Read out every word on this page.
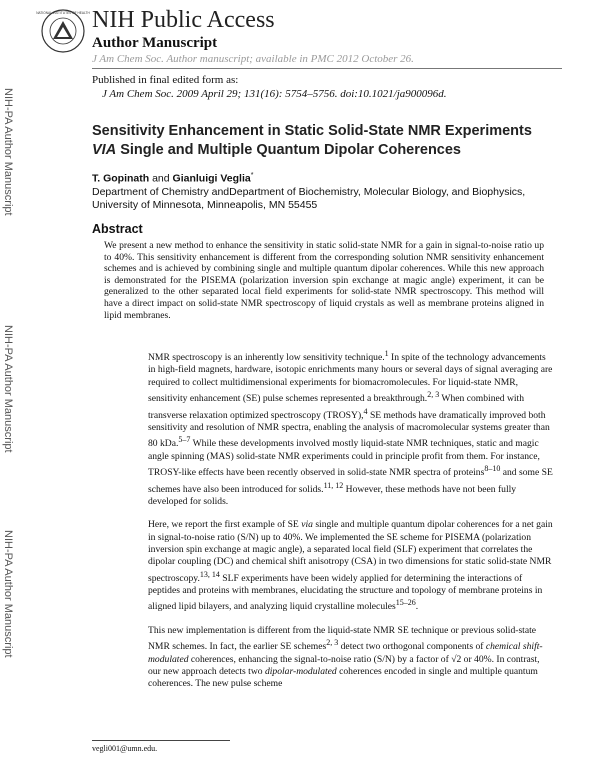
NATIONAL INSTITUTES OF HEALTH NIH Public Access
Author Manuscript
J Am Chem Soc. Author manuscript; available in PMC 2012 October 26.
Published in final edited form as:
J Am Chem Soc. 2009 April 29; 131(16): 5754–5756. doi:10.1021/ja900096d.
NIH-PA Author Manuscript
NIH-PA Author Manuscript
NIH-PA Author Manuscript
Sensitivity Enhancement in Static Solid-State NMR Experiments
VIA Single and Multiple Quantum Dipolar Coherences
T. Gopinath and Gianluigi Veglia*
Department of Chemistry andDepartment of Biochemistry, Molecular Biology, and Biophysics, University of Minnesota, Minneapolis, MN 55455
Abstract
We present a new method to enhance the sensitivity in static solid-state NMR for a gain in signal-to-noise ratio up to 40%. This sensitivity enhancement is different from the corresponding solution NMR sensitivity enhancement schemes and is achieved by combining single and multiple quantum dipolar coherences. While this new approach is demonstrated for the PISEMA (polarization inversion spin exchange at magic angle) experiment, it can be generalized to the other separated local field experiments for solid-state NMR spectroscopy. This method will have a direct impact on solid-state NMR spectroscopy of liquid crystals as well as membrane proteins aligned in lipid membranes.

NMR spectroscopy is an inherently low sensitivity technique.$^1$ In spite of the technology advancements in high-field magnets, hardware, isotopic enrichments many hours or several days of signal averaging are required to collect multidimensional experiments for biomacromolecules. For liquid-state NMR, sensitivity enhancement (SE) pulse schemes represented a breakthrough.$^{2, 3}$ When combined with transverse relaxation optimized spectroscopy (TROSY),$^4$ SE methods have dramatically improved both sensitivity and resolution of NMR spectra, enabling the analysis of macromolecular systems greater than 80 kDa.$^{5-7}$ While these developments involved mostly liquid-state NMR techniques, static and magic angle spinning (MAS) solid-state NMR experiments could in principle profit from them. For instance, TROSY-like effects have been recently observed in solid-state NMR spectra of proteins$^{8-10}$ and some SE schemes have also been introduced for solids.$^{11, 12}$ However, these methods have not been fully developed for solids.

Here, we report the first example of SE via single and multiple quantum dipolar coherences for a net gain in signal-to-noise ratio (S/N) up to 40%. We implemented the SE scheme for PISEMA (polarization inversion spin exchange at magic angle), a separated local field (SLF) experiment that correlates the dipolar coupling (DC) and chemical shift anisotropy (CSA) in two dimensions for static solid-state NMR spectroscopy.$^{13, 14}$ SLF experiments have been widely applied for determining the interactions of peptides and proteins with membranes, elucidating the structure and topology of membrane proteins in aligned lipid bilayers, and analyzing liquid crystalline molecules$^{15-26}$.

This new implementation is different from the liquid-state NMR SE technique or previous solid-state NMR schemes. In fact, the earlier SE schemes$^{2, 3}$ detect two orthogonal components of chemical shift-modulated coherences, enhancing the signal-to-noise ratio (S/N) by a factor of √2 or 40%. In contrast, our new approach detects two dipolar-modulated coherences encoded in single and multiple quantum coherences. The new pulse scheme

vegli001@umn.edu.
